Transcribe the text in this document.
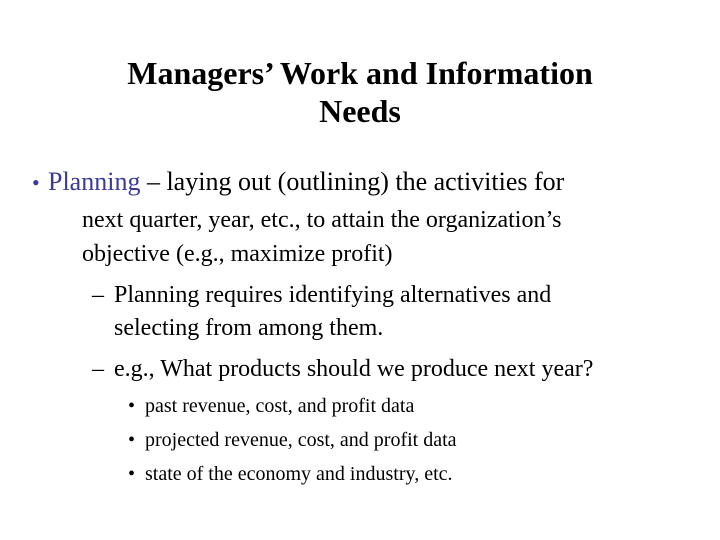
Managers’ Work and Information
Needs
• Planning – laying out (outlining) the activities for
next quarter, year, etc., to attain the organization’s
objective (e.g., maximize profit)
– Planning requires identifying alternatives and
selecting from among them.
– e.g., What products should we produce next year?
• past revenue, cost, and profit data
• projected revenue, cost, and profit data
• state of the economy and industry, etc.
